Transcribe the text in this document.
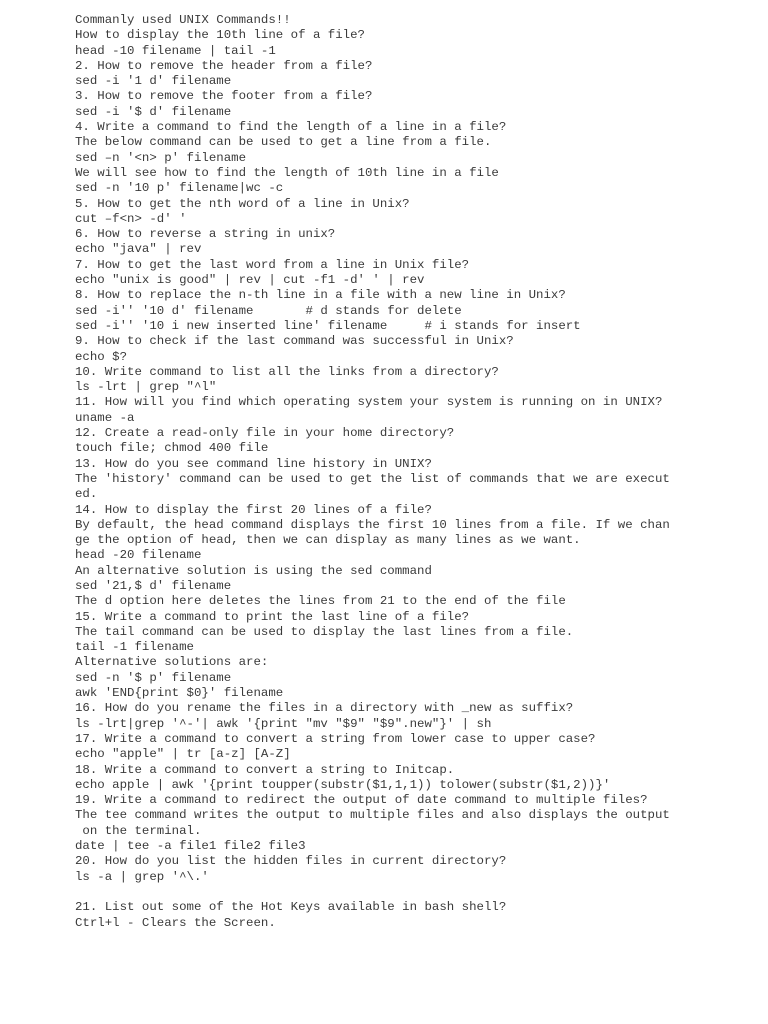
Commanly used UNIX Commands!!
How to display the 10th line of a file?
head -10 filename | tail -1
2. How to remove the header from a file?
sed -i '1 d' filename
3. How to remove the footer from a file?
sed -i '$ d' filename
4. Write a command to find the length of a line in a file?
The below command can be used to get a line from a file.
sed –n '<n> p' filename
We will see how to find the length of 10th line in a file
sed -n '10 p' filename|wc -c
5. How to get the nth word of a line in Unix?
cut –f<n> -d' '
6. How to reverse a string in unix?
echo "java" | rev
7. How to get the last word from a line in Unix file?
echo "unix is good" | rev | cut -f1 -d' ' | rev
8. How to replace the n-th line in a file with a new line in Unix?
sed -i'' '10 d' filename       # d stands for delete
sed -i'' '10 i new inserted line' filename     # i stands for insert
9. How to check if the last command was successful in Unix?
echo $?
10. Write command to list all the links from a directory?
ls -lrt | grep "^l"
11. How will you find which operating system your system is running on in UNIX?
uname -a
12. Create a read-only file in your home directory?
touch file; chmod 400 file
13. How do you see command line history in UNIX?
The 'history' command can be used to get the list of commands that we are execut
ed.
14. How to display the first 20 lines of a file?
By default, the head command displays the first 10 lines from a file. If we chan
ge the option of head, then we can display as many lines as we want.
head -20 filename
An alternative solution is using the sed command
sed '21,$ d' filename
The d option here deletes the lines from 21 to the end of the file
15. Write a command to print the last line of a file?
The tail command can be used to display the last lines from a file.
tail -1 filename
Alternative solutions are:
sed -n '$ p' filename
awk 'END{print $0}' filename
16. How do you rename the files in a directory with _new as suffix?
ls -lrt|grep '^-'| awk '{print "mv "$9" "$9".new"}' | sh
17. Write a command to convert a string from lower case to upper case?
echo "apple" | tr [a-z] [A-Z]
18. Write a command to convert a string to Initcap.
echo apple | awk '{print toupper(substr($1,1,1)) tolower(substr($1,2))}'
19. Write a command to redirect the output of date command to multiple files?
The tee command writes the output to multiple files and also displays the output
on the terminal.
date | tee -a file1 file2 file3
20. How do you list the hidden files in current directory?
ls -a | grep '^\.'
21. List out some of the Hot Keys available in bash shell?
Ctrl+l - Clears the Screen.
